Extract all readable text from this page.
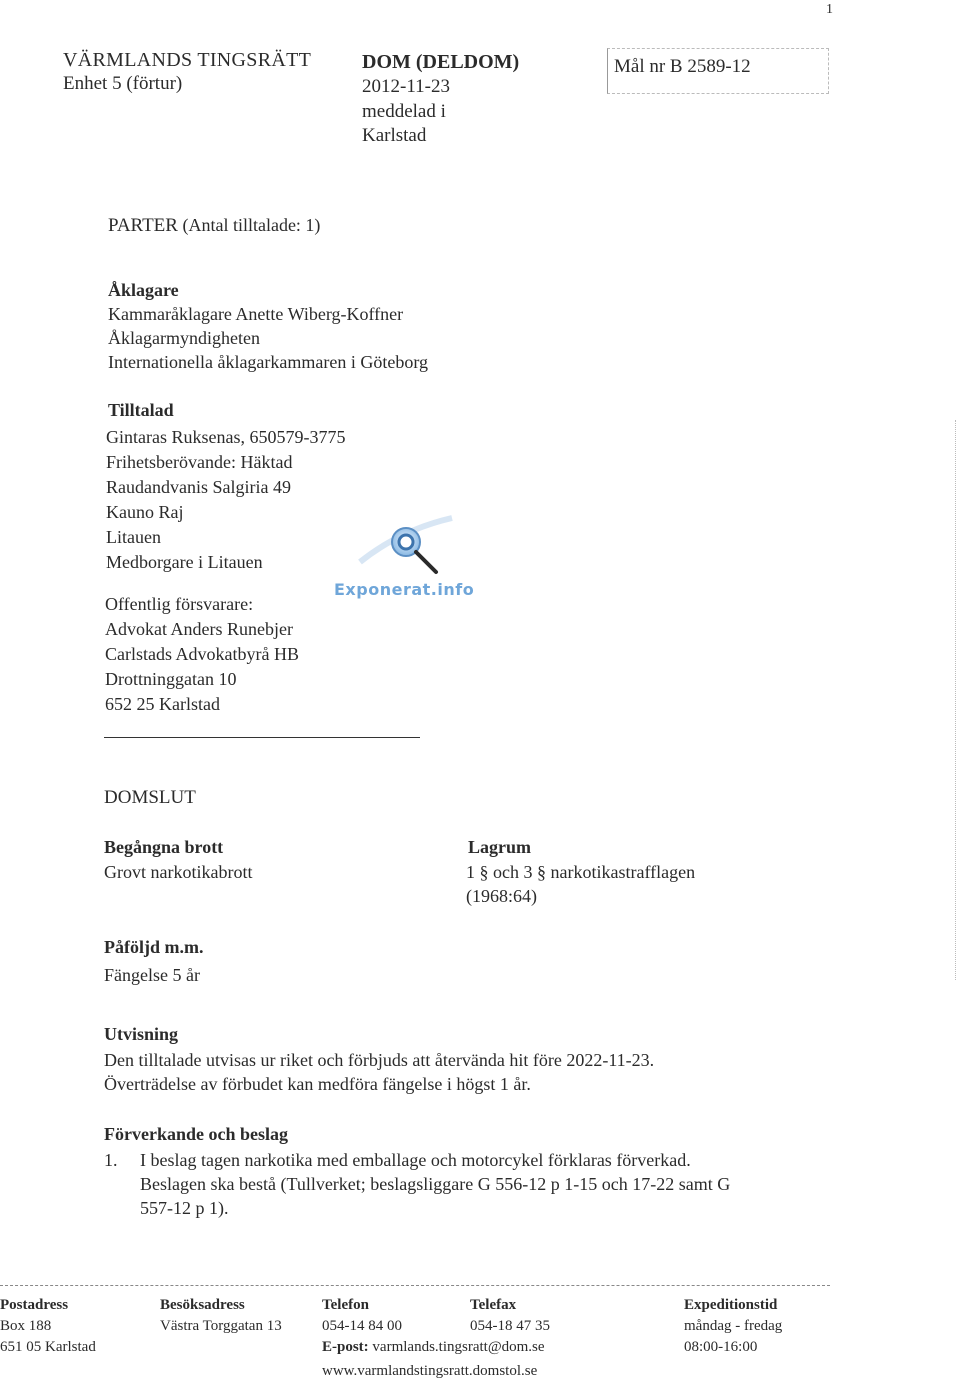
1
VÄRMLANDS TINGSRÄTT
Enhet 5 (förtur)
DOM (DELDOM)
2012-11-23
meddelad i
Karlstad
Mål nr B 2589-12
PARTER (Antal tilltalade: 1)
Åklagare
Kammaråklagare Anette Wiberg-Koffner
Åklagarmyndigheten
Internationella åklagarkammaren i Göteborg
Tilltalad
Gintaras Ruksenas, 650579-3775
Frihetsberövande: Häktad
Raudandvanis Salgiria 49
Kauno Raj
Litauen
Medborgare i Litauen
Offentlig försvarare:
Advokat Anders Runebjer
Carlstads Advokatbyrå HB
Drottninggatan 10
652 25 Karlstad
Exponerat.info
DOMSLUT
Begångna brott
Grovt narkotikabrott
Lagrum
1 § och 3 § narkotikastrafflagen
(1968:64)
Påföljd m.m.
Fängelse 5 år
Utvisning
Den tilltalade utvisas ur riket och förbjuds att återvända hit före 2022-11-23.
Överträdelse av förbudet kan medföra fängelse i högst 1 år.
Förverkande och beslag
1. I beslag tagen narkotika med emballage och motorcykel förklaras förverkad.
Beslagen ska bestå (Tullverket; beslagsliggare G 556-12 p 1-15 och 17-22 samt G
557-12 p 1).
Postadress
Box 188
651 05 Karlstad
Besöksadress
Västra Torggatan 13
Telefon
054-14 84 00
E-post: varmlands.tingsratt@dom.se
www.varmlandstingsratt.domstol.se
Telefax
054-18 47 35
Expeditionstid
måndag - fredag
08:00-16:00
